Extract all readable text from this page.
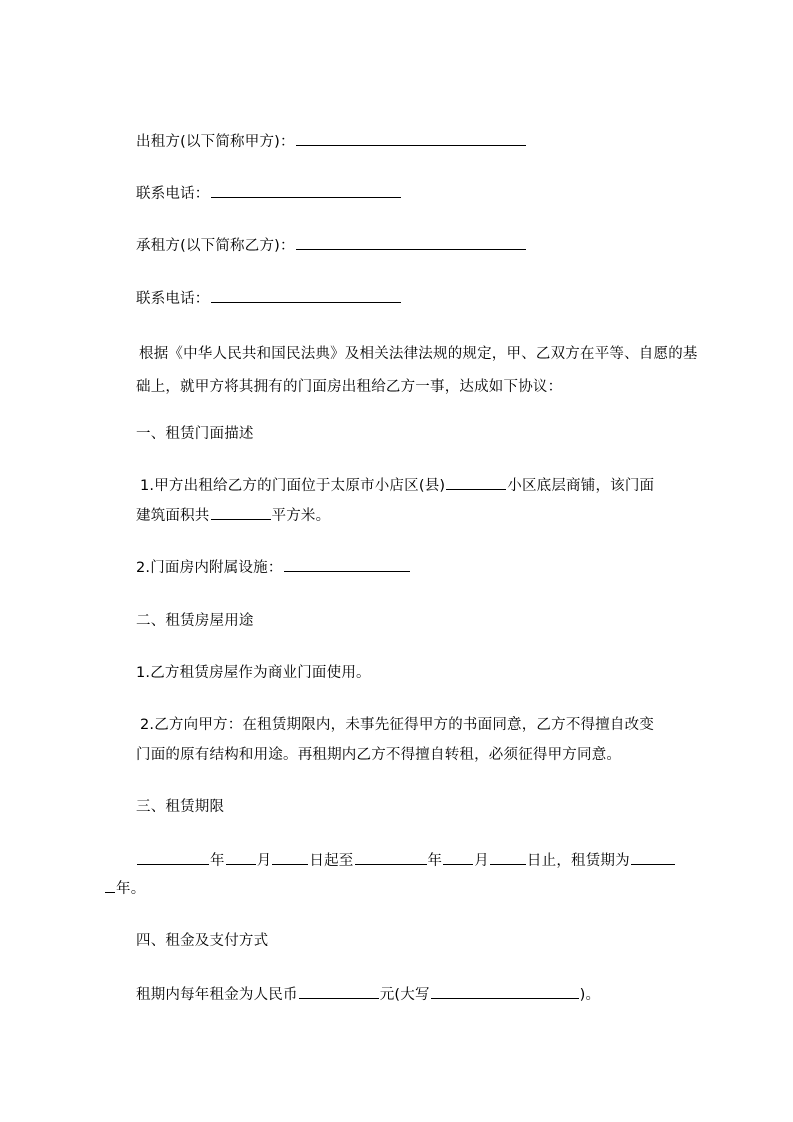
出租方(以下简称甲方)：
联系电话：
承租方(以下简称乙方)：
联系电话：
根据《中华人民共和国民法典》及相关法律法规的规定，甲、乙双方在平等、自愿的基础上，就甲方将其拥有的门面房出租给乙方一事，达成如下协议：
一、租赁门面描述
1.甲方出租给乙方的门面位于太原市小店区(县)	小区底层商铺，该门面
建筑面积共	平方米。
2.门面房内附属设施：
二、租赁房屋用途
1.乙方租赁房屋作为商业门面使用。
2.乙方向甲方：在租赁期限内，未事先征得甲方的书面同意，乙方不得擅自改变
门面的原有结构和用途。再租期内乙方不得擅自转租，必须征得甲方同意。
三、租赁期限
年 月	日起至	年 月	日止，租赁期为
年。
四、租金及支付方式
租期内每年租金为人民币	元(大写	)。
